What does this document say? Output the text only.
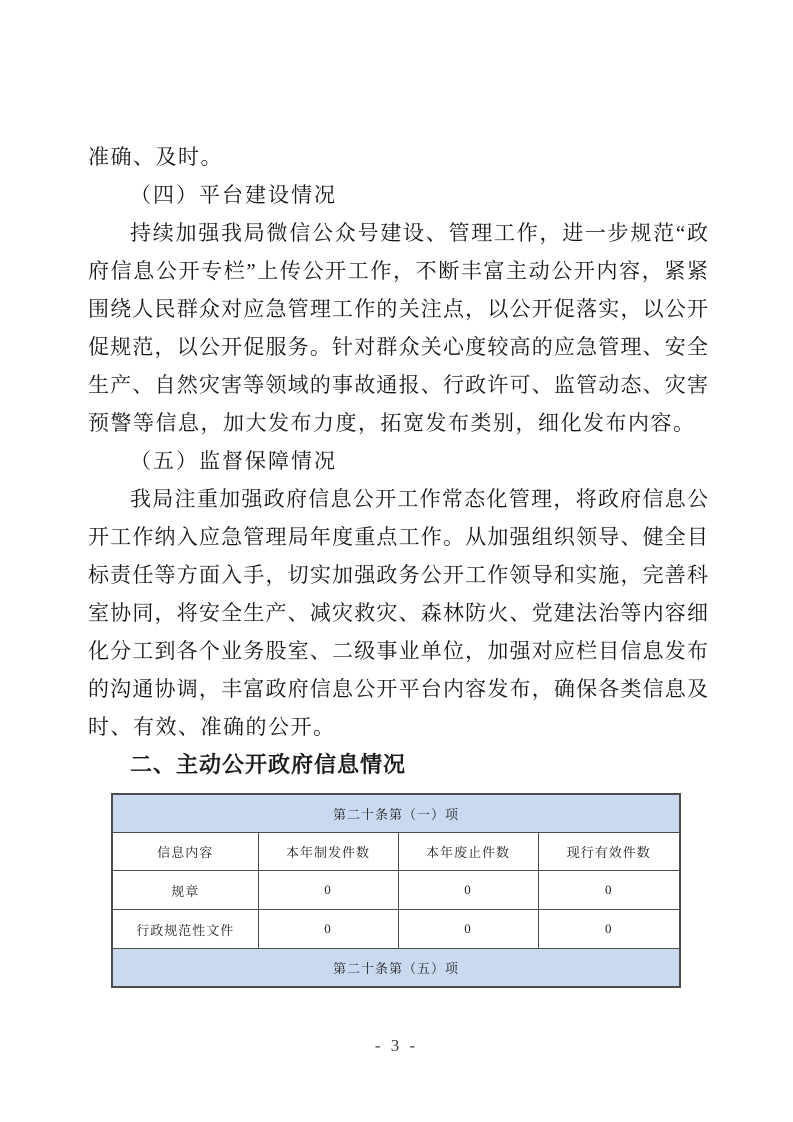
准确、及时。
（四）平台建设情况
持续加强我局微信公众号建设、管理工作，进一步规范“政
府信息公开专栏”上传公开工作，不断丰富主动公开内容，紧紧
围绕人民群众对应急管理工作的关注点，以公开促落实，以公开
促规范，以公开促服务。针对群众关心度较高的应急管理、安全
生产、自然灾害等领域的事故通报、行政许可、监管动态、灾害
预警等信息，加大发布力度，拓宽发布类别，细化发布内容。
（五）监督保障情况
我局注重加强政府信息公开工作常态化管理，将政府信息公
开工作纳入应急管理局年度重点工作。从加强组织领导、健全目
标责任等方面入手，切实加强政务公开工作领导和实施，完善科
室协同，将安全生产、减灾救灾、森林防火、党建法治等内容细
化分工到各个业务股室、二级事业单位，加强对应栏目信息发布
的沟通协调，丰富政府信息公开平台内容发布，确保各类信息及
时、有效、准确的公开。
二、主动公开政府信息情况
第二十条第（一）项			
信息内容	本年制发件数	本年废止件数	现行有效件数
规章	0	0	0
行政规范性文件	0	0	0
第二十条第（五）项			
- 3 -
